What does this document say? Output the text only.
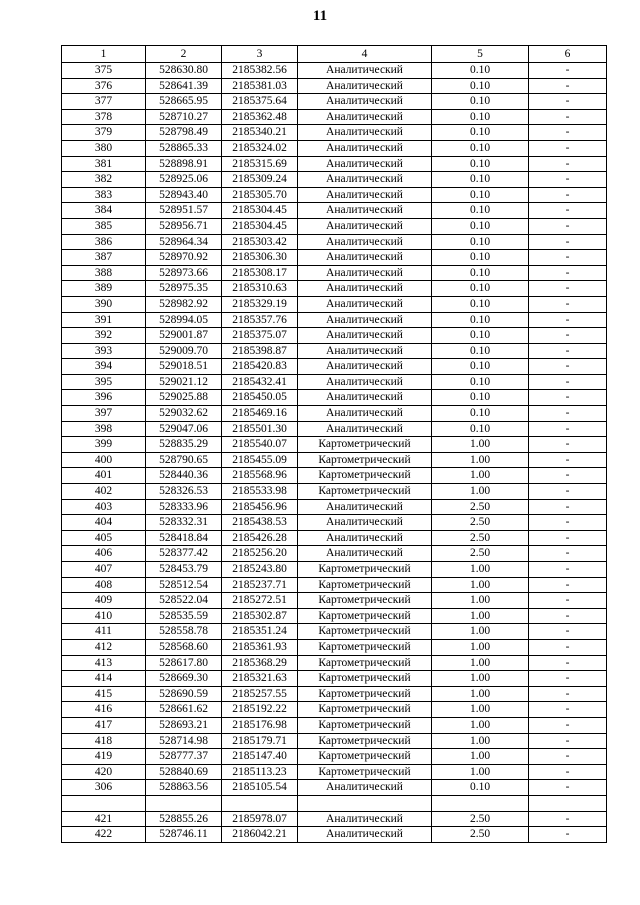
11
1	2	3	4	5	6
375	528630.80	2185382.56	Аналитический	0.10	-
376	528641.39	2185381.03	Аналитический	0.10	-
377	528665.95	2185375.64	Аналитический	0.10	-
378	528710.27	2185362.48	Аналитический	0.10	-
379	528798.49	2185340.21	Аналитический	0.10	-
380	528865.33	2185324.02	Аналитический	0.10	-
381	528898.91	2185315.69	Аналитический	0.10	-
382	528925.06	2185309.24	Аналитический	0.10	-
383	528943.40	2185305.70	Аналитический	0.10	-
384	528951.57	2185304.45	Аналитический	0.10	-
385	528956.71	2185304.45	Аналитический	0.10	-
386	528964.34	2185303.42	Аналитический	0.10	-
387	528970.92	2185306.30	Аналитический	0.10	-
388	528973.66	2185308.17	Аналитический	0.10	-
389	528975.35	2185310.63	Аналитический	0.10	-
390	528982.92	2185329.19	Аналитический	0.10	-
391	528994.05	2185357.76	Аналитический	0.10	-
392	529001.87	2185375.07	Аналитический	0.10	-
393	529009.70	2185398.87	Аналитический	0.10	-
394	529018.51	2185420.83	Аналитический	0.10	-
395	529021.12	2185432.41	Аналитический	0.10	-
396	529025.88	2185450.05	Аналитический	0.10	-
397	529032.62	2185469.16	Аналитический	0.10	-
398	529047.06	2185501.30	Аналитический	0.10	-
399	528835.29	2185540.07	Картометрический	1.00	-
400	528790.65	2185455.09	Картометрический	1.00	-
401	528440.36	2185568.96	Картометрический	1.00	-
402	528326.53	2185533.98	Картометрический	1.00	-
403	528333.96	2185456.96	Аналитический	2.50	-
404	528332.31	2185438.53	Аналитический	2.50	-
405	528418.84	2185426.28	Аналитический	2.50	-
406	528377.42	2185256.20	Аналитический	2.50	-
407	528453.79	2185243.80	Картометрический	1.00	-
408	528512.54	2185237.71	Картометрический	1.00	-
409	528522.04	2185272.51	Картометрический	1.00	-
410	528535.59	2185302.87	Картометрический	1.00	-
411	528558.78	2185351.24	Картометрический	1.00	-
412	528568.60	2185361.93	Картометрический	1.00	-
413	528617.80	2185368.29	Картометрический	1.00	-
414	528669.30	2185321.63	Картометрический	1.00	-
415	528690.59	2185257.55	Картометрический	1.00	-
416	528661.62	2185192.22	Картометрический	1.00	-
417	528693.21	2185176.98	Картометрический	1.00	-
418	528714.98	2185179.71	Картометрический	1.00	-
419	528777.37	2185147.40	Картометрический	1.00	-
420	528840.69	2185113.23	Картометрический	1.00	-
306	528863.56	2185105.54	Аналитический	0.10	-

421	528855.26	2185978.07	Аналитический	2.50	-
422	528746.11	2186042.21	Аналитический	2.50	-
